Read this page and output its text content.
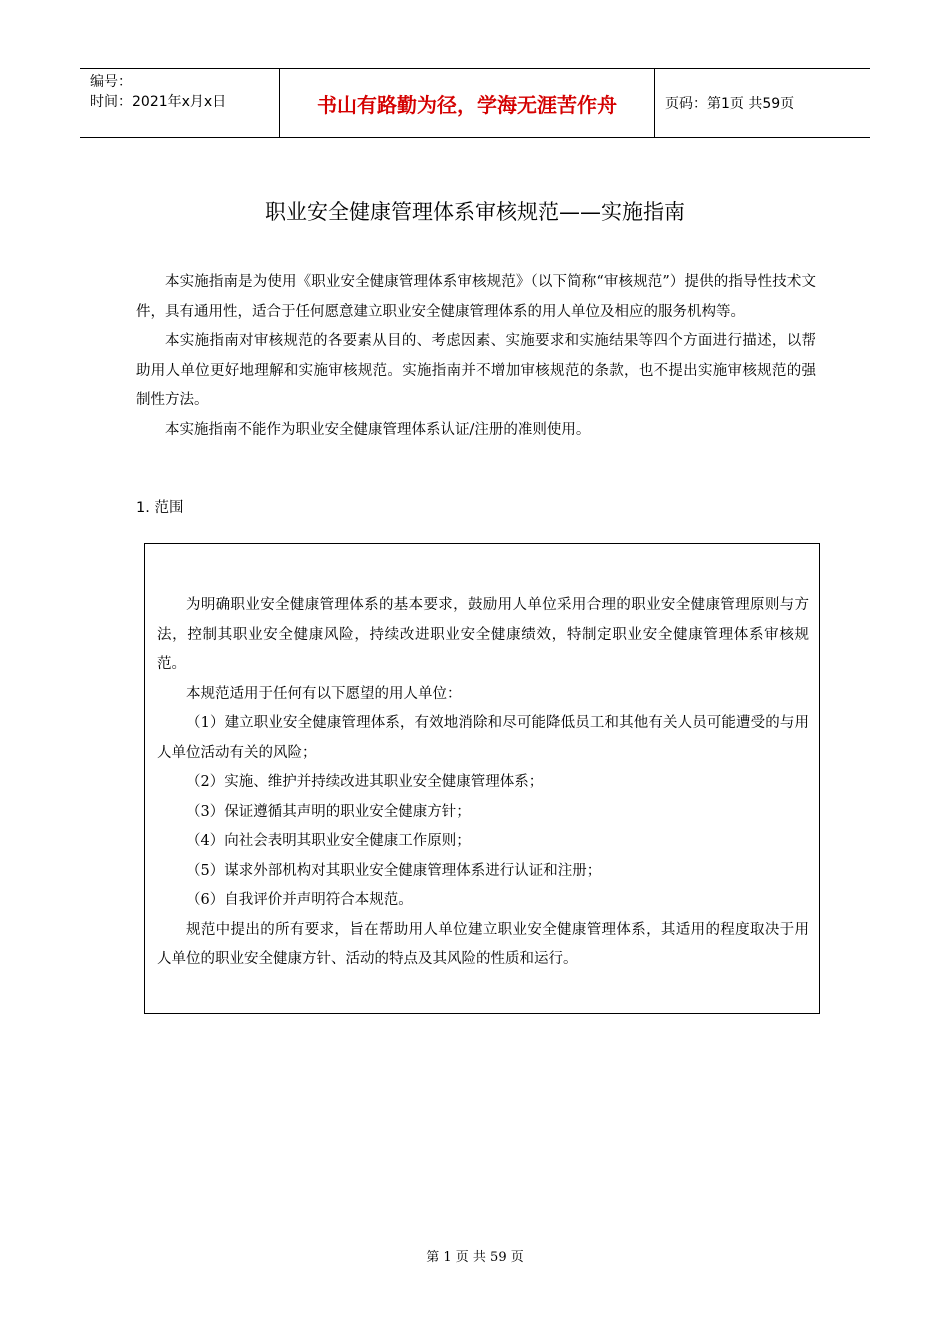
编号：
时间：2021年x月x日	书山有路勤为径，学海无涯苦作舟	页码：第1页 共59页
职业安全健康管理体系审核规范——实施指南

本实施指南是为使用《职业安全健康管理体系审核规范》（以下简称“审核规范”）提供的指导性技术文件，具有通用性，适合于任何愿意建立职业安全健康管理体系的用人单位及相应的服务机构等。

本实施指南对审核规范的各要素从目的、考虑因素、实施要求和实施结果等四个方面进行描述，以帮助用人单位更好地理解和实施审核规范。实施指南并不增加审核规范的条款，也不提出实施审核规范的强制性方法。

本实施指南不能作为职业安全健康管理体系认证/注册的准则使用。

1. 范围

为明确职业安全健康管理体系的基本要求，鼓励用人单位采用合理的职业安全健康管理原则与方法，控制其职业安全健康风险，持续改进职业安全健康绩效，特制定职业安全健康管理体系审核规范。

本规范适用于任何有以下愿望的用人单位：

（1）建立职业安全健康管理体系，有效地消除和尽可能降低员工和其他有关人员可能遭受的与用人单位活动有关的风险；

（2）实施、维护并持续改进其职业安全健康管理体系；

（3）保证遵循其声明的职业安全健康方针；

（4）向社会表明其职业安全健康工作原则；

（5）谋求外部机构对其职业安全健康管理体系进行认证和注册；

（6）自我评价并声明符合本规范。

规范中提出的所有要求，旨在帮助用人单位建立职业安全健康管理体系，其适用的程度取决于用人单位的职业安全健康方针、活动的特点及其风险的性质和运行。

第 1 页 共 59 页
